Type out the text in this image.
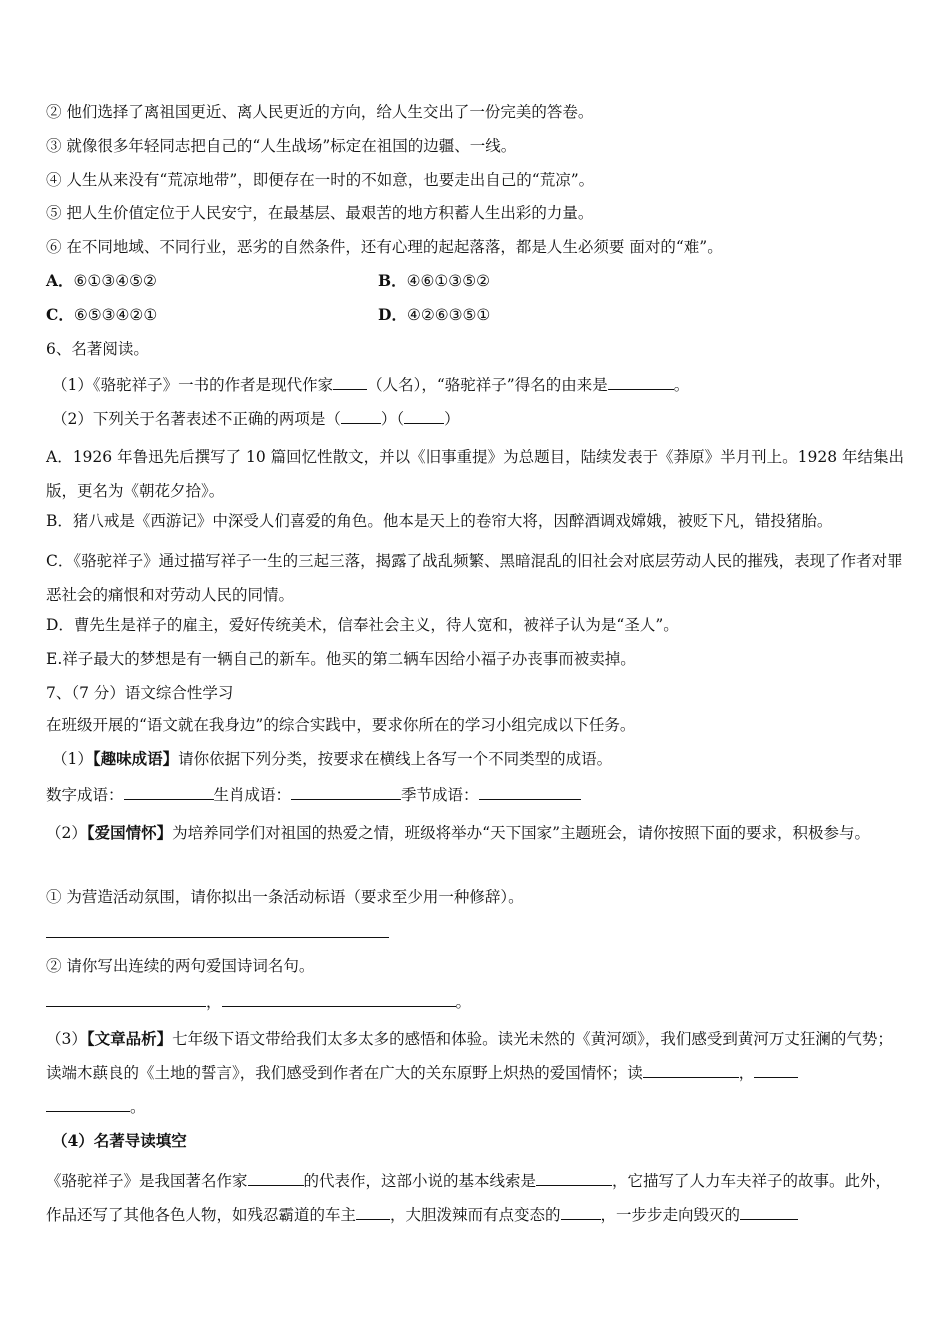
② 他们选择了离祖国更近、离人民更近的方向，给人生交出了一份完美的答卷。
③ 就像很多年轻同志把自己的“人生战场”标定在祖国的边疆、一线。
④ 人生从来没有“荒凉地带”，即便存在一时的不如意，也要走出自己的“荒凉”。
⑤ 把人生价值定位于人民安宁，在最基层、最艰苦的地方积蓄人生出彩的力量。
⑥ 在不同地域、不同行业，恶劣的自然条件，还有心理的起起落落，都是人生必须要 面对的“难”。
A．⑥①③④⑤②	B．④⑥①③⑤②
C．⑥⑤③④②①	D．④②⑥③⑤①
6、名著阅读。
（1）《骆驼祥子》一书的作者是现代作家 （人名），“骆驼祥子”得名的由来是	。
（2）下列关于名著表述不正确的两项是（	）（	）
A．1926 年鲁迅先后撰写了 10 篇回忆性散文，并以《旧事重提》为总题目，陆续发表于《莽原》半月刊上。1928 年结集出版，更名为《朝花夕拾》。
B．猪八戒是《西游记》中深受人们喜爱的角色。他本是天上的卷帘大将，因醉酒调戏嫦娥，被贬下凡，错投猪胎。
C．《骆驼祥子》通过描写祥子一生的三起三落，揭露了战乱频繁、黑暗混乱的旧社会对底层劳动人民的摧残，表现了作者对罪恶社会的痛恨和对劳动人民的同情。
D．曹先生是祥子的雇主，爱好传统美术，信奉社会主义，待人宽和，被祥子认为是“圣人”。
E.祥子最大的梦想是有一辆自己的新车。他买的第二辆车因给小福子办丧事而被卖掉。
7、（7 分）语文综合性学习
在班级开展的“语文就在我身边”的综合实践中，要求你所在的学习小组完成以下任务。
（1）【趣味成语】请你依据下列分类，按要求在横线上各写一个不同类型的成语。
数字成语：	生肖成语：	季节成语：
（2）【爱国情怀】为培养同学们对祖国的热爱之情，班级将举办“天下国家”主题班会，请你按照下面的要求，积极参与。
① 为营造活动氛围，请你拟出一条活动标语（要求至少用一种修辞）。
② 请你写出连续的两句爱国诗词名句。
，	。
（3）【文章品析】七年级下语文带给我们太多太多的感悟和体验。读光未然的《黄河颂》，我们感受到黄河万丈狂澜的气势；读端木蕻良的《土地的誓言》，我们感受到作者在广大的关东原野上炽热的爱国情怀；读	，
。
（4）名著导读填空
《骆驼祥子》是我国著名作家	的代表作，这部小说的基本线索是	，它描写了人力车夫祥子的故事。此外，作品还写了其他各色人物，如残忍霸道的车主 ，大胆泼辣而有点变态的	，一步步走向毁灭的
